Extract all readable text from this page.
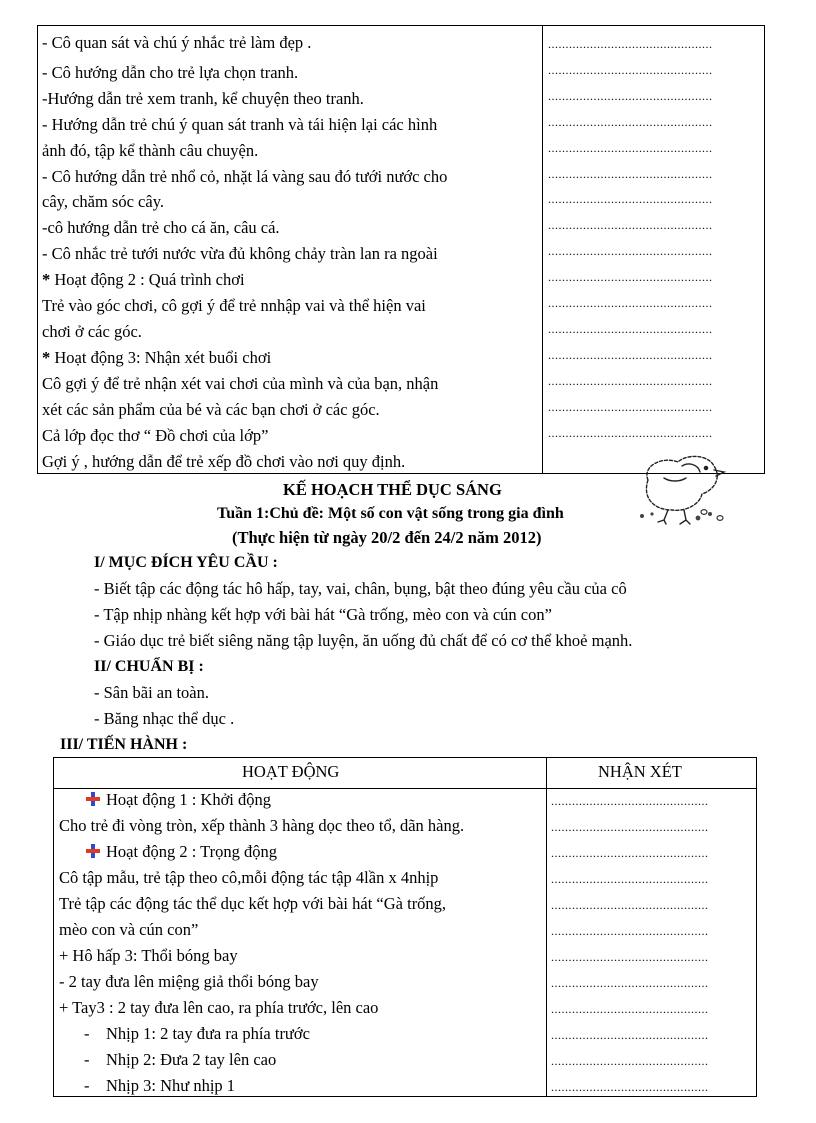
- Cô quan sát và chú ý nhắc trẻ làm đẹp .
- Cô hướng dẫn cho trẻ lựa chọn tranh.
-Hướng dẫn trẻ xem tranh, kể chuyện theo tranh.
- Hướng dẫn trẻ chú ý quan sát tranh và tái hiện lại các hình
ảnh đó, tập kể thành câu chuyện.
- Cô hướng dẫn trẻ nhổ cỏ, nhặt lá vàng sau đó tưới nước cho
cây, chăm sóc cây.
-cô hướng dẫn trẻ cho cá ăn, câu cá.
- Cô nhắc trẻ tưới nước vừa đủ không chảy tràn lan ra ngoài
* Hoạt động 2 : Quá trình chơi
Trẻ vào góc chơi, cô gợi ý để trẻ nnhập vai và thể hiện vai
chơi ở các góc.
* Hoạt động 3: Nhận xét buổi chơi
Cô gợi ý để trẻ nhận xét vai chơi của mình và của bạn, nhận
xét các sản phẩm của bé và các bạn chơi ở các góc.
Cả lớp đọc thơ “ Đồ chơi của lớp”
Gợi ý , hướng dẫn để trẻ xếp đồ chơi vào nơi quy định.
...............................................
...............................................
...............................................
...............................................
...............................................
...............................................
...............................................
...............................................
...............................................
...............................................
...............................................
...............................................
...............................................
...............................................
...............................................
...............................................
KẾ HOẠCH THỂ DỤC SÁNG
Tuần 1:Chủ đề: Một số con vật sống trong gia đình
(Thực hiện từ ngày 20/2 đến 24/2 năm 2012)
I/ MỤC ĐÍCH YÊU CẦU :
- Biết tập các động tác hô hấp, tay, vai, chân, bụng, bật theo đúng yêu cầu của cô
- Tập nhịp nhàng kết hợp với bài hát “Gà trống, mèo con và cún con”
- Giáo dục trẻ biết siêng năng tập luyện, ăn uống đủ chất để có cơ thể khoẻ mạnh.
II/ CHUẨN BỊ :
- Sân bãi an toàn.
- Băng nhạc thể dục .
III/ TIẾN HÀNH :
HOẠT ĐỘNG	NHẬN XÉT
Hoạt động 1 : Khởi động
Cho trẻ đi vòng tròn, xếp thành 3 hàng dọc theo tổ, dãn hàng.
Hoạt động 2 : Trọng động
Cô tập mẫu, trẻ tập theo cô,mỗi động tác tập 4lần x 4nhịp
Trẻ tập các động tác thể dục kết hợp với bài hát “Gà trống,
mèo con và cún con”
+ Hô hấp 3: Thổi bóng bay
- 2 tay đưa lên miệng giả thổi bóng bay
+ Tay3 : 2 tay đưa lên cao, ra phía trước, lên cao
-    Nhịp 1: 2 tay đưa ra phía trước
-    Nhịp 2: Đưa 2 tay lên cao
-    Nhịp 3: Như nhịp 1
.............................................
.............................................
.............................................
.............................................
.............................................
.............................................
.............................................
.............................................
.............................................
.............................................
.............................................
.............................................
